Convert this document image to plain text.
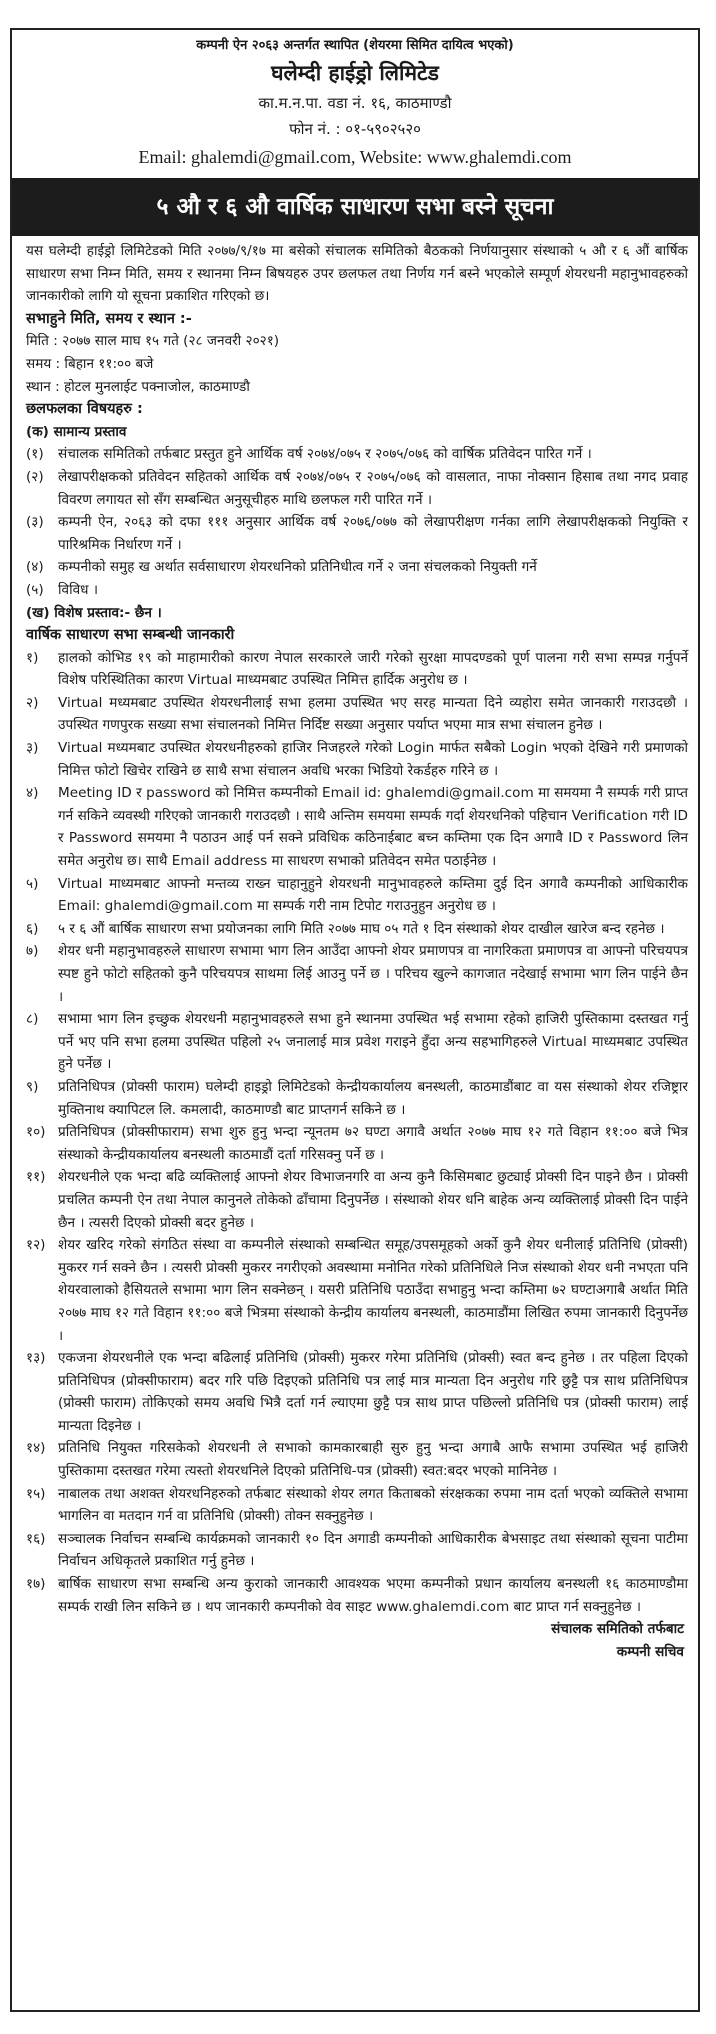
कम्पनी ऐन २०६३ अन्तर्गत स्थापित (शेयरमा सिमित दायित्व भएको)
घलेम्दी हाईड्रो लिमिटेड
का.म.न.पा. वडा नं. १६, काठमाण्डौ
फोन नं. : ०१-५९०२५२०
Email: ghalemdi@gmail.com, Website: www.ghalemdi.com
५ औ र ६ औ वार्षिक साधारण सभा बस्ने सूचना

यस घलेम्दी हाईड्रो लिमिटेडको मिति २०७७/९/१७ मा बसेको संचालक समितिको बैठकको निर्णयानुसार संस्थाको ५ औ र ६ औं बार्षिक साधारण सभा निम्न मिति, समय र स्थानमा निम्न बिषयहरु उपर छलफल तथा निर्णय गर्न बस्ने भएकोले सम्पूर्ण शेयरधनी महानुभावहरुको जानकारीको लागि यो सूचना प्रकाशित गरिएको छ।

सभाहुने मिति, समय र स्थान :-
मिति : २०७७ साल माघ १५ गते (२८ जनवरी २०२१)
समय : बिहान ११:०० बजे
स्थान : होटल मुनलाईट पक्नाजोल, काठमाण्डौ
छलफलका विषयहरु :
(क) सामान्य प्रस्ताव
(१)	संचालक समितिको तर्फबाट प्रस्तुत हुने आर्थिक वर्ष २०७४/०७५ र २०७५/०७६ को वार्षिक प्रतिवेदन पारित गर्ने ।
(२)	लेखापरीक्षकको प्रतिवेदन सहितको आर्थिक वर्ष २०७४/०७५ र २०७५/०७६ को वासलात, नाफा नोक्सान हिसाब तथा नगद प्रवाह विवरण लगायत सो सँग सम्बन्धित अनुसूचीहरु माथि छलफल गरी पारित गर्ने ।
(३)	कम्पनी ऐन, २०६३ को दफा १११ अनुसार आर्थिक वर्ष २०७६/०७७ को लेखापरीक्षण गर्नका लागि लेखापरीक्षकको नियुक्ति र पारिश्रमिक निर्धारण गर्ने ।
(४)	कम्पनीको समुह ख अर्थात सर्वसाधारण शेयरधनिको प्रतिनिधीत्व गर्ने २ जना संचलकको नियुक्ती गर्ने
(५)	विविध ।
(ख) विशेष प्रस्ताव:- छैन ।
वार्षिक साधारण सभा सम्बन्धी जानकारी
१)	हालको कोभिड १९ को माहामारीको कारण नेपाल सरकारले जारी गरेको सुरक्षा मापदण्डको पूर्ण पालना गरी सभा सम्पन्न गर्नुपर्ने विशेष परिस्थितिका कारण Virtual माध्यमबाट उपस्थित निमित्त हार्दिक अनुरोध छ ।
२)	Virtual मध्यमबाट उपस्थित शेयरधनीलाई सभा हलमा उपस्थित भए सरह मान्यता दिने व्यहोरा समेत जानकारी गराउदछौ । उपस्थित गणपुरक सख्या सभा संचालनको निमित्त निर्दिष्ट सख्या अनुसार पर्याप्त भएमा मात्र सभा संचालन हुनेछ ।
३)	Virtual मध्यमबाट उपस्थित शेयरधनीहरुको हाजिर निजहरले गरेको Login मार्फत सबैको Login भएको देखिने गरी प्रमाणको निमित्त फोटो खिचेर राखिने छ साथै सभा संचालन अवधि भरका भिडियो रेकर्डहरु गरिने छ ।
४)	Meeting ID र password को निमित्त कम्पनीको Email id: ghalemdi@gmail.com मा समयमा नै सम्पर्क गरी प्राप्त गर्न सकिने व्यवस्थी गरिएको जानकारी गराउदछौ । साथै अन्तिम समयमा सम्पर्क गर्दा शेयरधनिको पहिचान Verification गरी ID र Password समयमा नै पठाउन आई पर्न सक्ने प्रविधिक कठिनाईबाट बच्न कम्तिमा एक दिन अगावै ID र Password लिन समेत अनुरोध छ। साथै Email address मा साधरण सभाको प्रतिवेदन समेत पठाईनेछ ।
५)	Virtual माध्यमबाट आफ्नो मन्तव्य राख्न चाहानुहुने शेयरधनी मानुभावहरुले कम्तिमा दुई दिन अगावै कम्पनीको आधिकारीक Email: ghalemdi@gmail.com मा सम्पर्क गरी नाम टिपोट गराउनुहुन अनुरोध छ ।
६)	५ र ६ औं बार्षिक साधारण सभा प्रयोजनका लागि मिति २०७७ माघ ०५ गते १ दिन संस्थाको शेयर दाखील खारेज बन्द रहनेछ ।
७)	शेयर धनी महानुभावहरुले साधारण सभामा भाग लिन आउँदा आफ्नो शेयर प्रमाणपत्र वा नागरिकता प्रमाणपत्र वा आफ्नो परिचयपत्र स्पष्ट हुने फोटो सहितको कुनै परिचयपत्र साथमा लिई आउनु पर्ने छ । परिचय खुल्ने कागजात नदेखाई सभामा भाग लिन पाईने छैन ।
८)	सभामा भाग लिन इच्छुक शेयरधनी महानुभावहरुले सभा हुने स्थानमा उपस्थित भई सभामा रहेको हाजिरी पुस्तिकामा दस्तखत गर्नु पर्ने भए पनि सभा हलमा उपस्थित पहिलो २५ जनालाई मात्र प्रवेश गराइने हुँदा अन्य सहभागिहरुले Virtual माध्यमबाट उपस्थित हुने पर्नेछ ।
९)	प्रतिनिधिपत्र (प्रोक्सी फाराम) घलेम्दी हाइड्रो लिमिटेडको केन्द्रीयकार्यालय बनस्थली, काठमाडौंबाट वा यस संस्थाको शेयर रजिष्ट्रार मुक्तिनाथ क्यापिटल लि. कमलादी, काठमाण्डौ बाट प्राप्तगर्न सकिने छ ।
१०) प्रतिनिधिपत्र (प्रोक्सीफाराम) सभा शुरु हुनु भन्दा न्यूनतम ७२ घण्टा अगावै अर्थात २०७७ माघ १२ गते विहान ११:०० बजे भित्र संस्थाको केन्द्रीयकार्यालय बनस्थली काठमाडौं दर्ता गरिसक्नु पर्ने छ ।
११) शेयरधनीले एक भन्दा बढि व्यक्तिलाई आफ्नो शेयर विभाजनगरि वा अन्य कुनै किसिमबाट छुट्याई प्रोक्सी दिन पाइने छैन । प्रोक्सी प्रचलित कम्पनी ऐन तथा नेपाल कानुनले तोकेको ढाँचामा दिनुपर्नेछ । संस्थाको शेयर धनि बाहेक अन्य व्यक्तिलाई प्रोक्सी दिन पाईने छैन । त्यसरी दिएको प्रोक्सी बदर हुनेछ ।
१२) शेयर खरिद गरेको संगठित संस्था वा कम्पनीले संस्थाको सम्बन्धित समूह/उपसमूहको अर्को कुनै शेयर धनीलाई प्रतिनिधि (प्रोक्सी) मुकरर गर्न सक्ने छैन । त्यसरी प्रोक्सी मुकरर नगरीएको अवस्थामा मनोनित गरेको प्रतिनिधिले निज संस्थाको शेयर धनी नभएता पनि शेयरवालाको हैसियतले सभामा भाग लिन सक्नेछन् । यसरी प्रतिनिधि पठाउँदा सभाहुनु भन्दा कम्तिमा ७२ घण्टाअगाबै अर्थात मिति २०७७ माघ १२ गते विहान ११:०० बजे भित्रमा संस्थाको केन्द्रीय कार्यालय बनस्थली, काठमाडौंमा लिखित रुपमा जानकारी दिनुपर्नेछ ।
१३) एकजना शेयरधनीले एक भन्दा बढिलाई प्रतिनिधि (प्रोक्सी) मुकरर गरेमा प्रतिनिधि (प्रोक्सी) स्वत बन्द हुनेछ । तर पहिला दिएको प्रतिनिधिपत्र (प्रोक्सीफाराम) बदर गरि पछि दिइएको प्रतिनिधि पत्र लाई मात्र मान्यता दिन अनुरोध गरि छुट्टै पत्र साथ प्रतिनिधिपत्र (प्रोक्सी फाराम) तोकिएको समय अवधि भित्रै दर्ता गर्न ल्याएमा छुट्टै पत्र साथ प्राप्त पछिल्लो प्रतिनिधि पत्र (प्रोक्सी फाराम) लाई मान्यता दिइनेछ ।
१४) प्रतिनिधि नियुक्त गरिसकेको शेयरधनी ले सभाको कामकारबाही सुरु हुनु भन्दा अगाबै आफै सभामा उपस्थित भई हाजिरी पुस्तिकामा दस्तखत गरेमा त्यस्तो शेयरधनिले दिएको प्रतिनिधि-पत्र (प्रोक्सी) स्वत:बदर भएको मानिनेछ ।
१५) नाबालक तथा अशक्त शेयरधनिहरुको तर्फबाट संस्थाको शेयर लगत किताबको संरक्षकका रुपमा नाम दर्ता भएको व्यक्तिले सभामा भागलिन वा मतदान गर्न वा प्रतिनिधि (प्रोक्सी) तोक्न सक्नुहुनेछ ।
१६) सञ्चालक निर्वाचन सम्बन्धि कार्यक्रमको जानकारी १० दिन अगाडी कम्पनीको आधिकारीक बेभसाइट तथा संस्थाको सूचना पाटीमा निर्वाचन अधिकृतले प्रकाशित गर्नु हुनेछ ।
१७) बार्षिक साधारण सभा सम्बन्धि अन्य कुराको जानकारी आवश्यक भएमा कम्पनीको प्रधान कार्यालय बनस्थली १६ काठमाण्डौमा सम्पर्क राखी लिन सकिने छ । थप जानकारी कम्पनीको वेव साइट www.ghalemdi.com बाट प्राप्त गर्न सक्नुहुनेछ ।
संचालक समितिको तर्फबाट
कम्पनी सचिव
